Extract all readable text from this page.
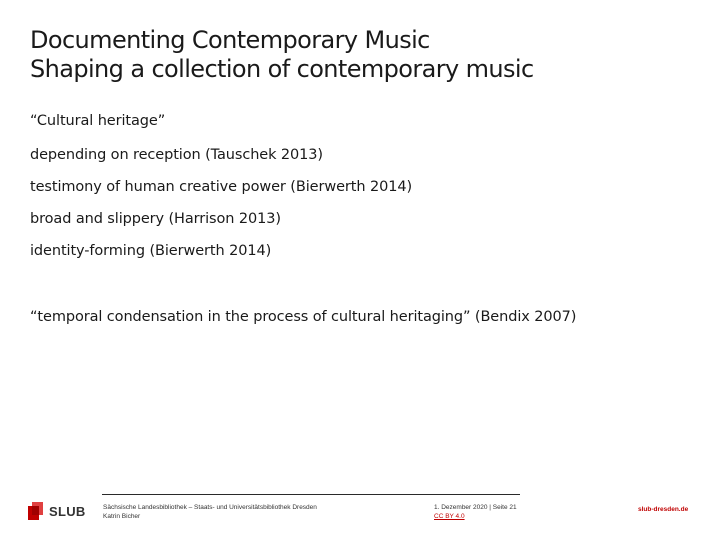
Documenting Contemporary Music
Shaping a collection of contemporary music
“Cultural heritage”
depending on reception (Tauschek 2013)
testimony of human creative power (Bierwerth 2014)
broad and slippery (Harrison 2013)
identity-forming (Bierwerth 2014)
“temporal condensation in the process of cultural heritaging” (Bendix 2007)
SLUB	Sächsische Landesbibliothek – Staats- und Universitätsbibliothek Dresden
Katrin Bicher
1. Dezember 2020 | Seite 21
CC BY 4.0
slub-dresden.de
